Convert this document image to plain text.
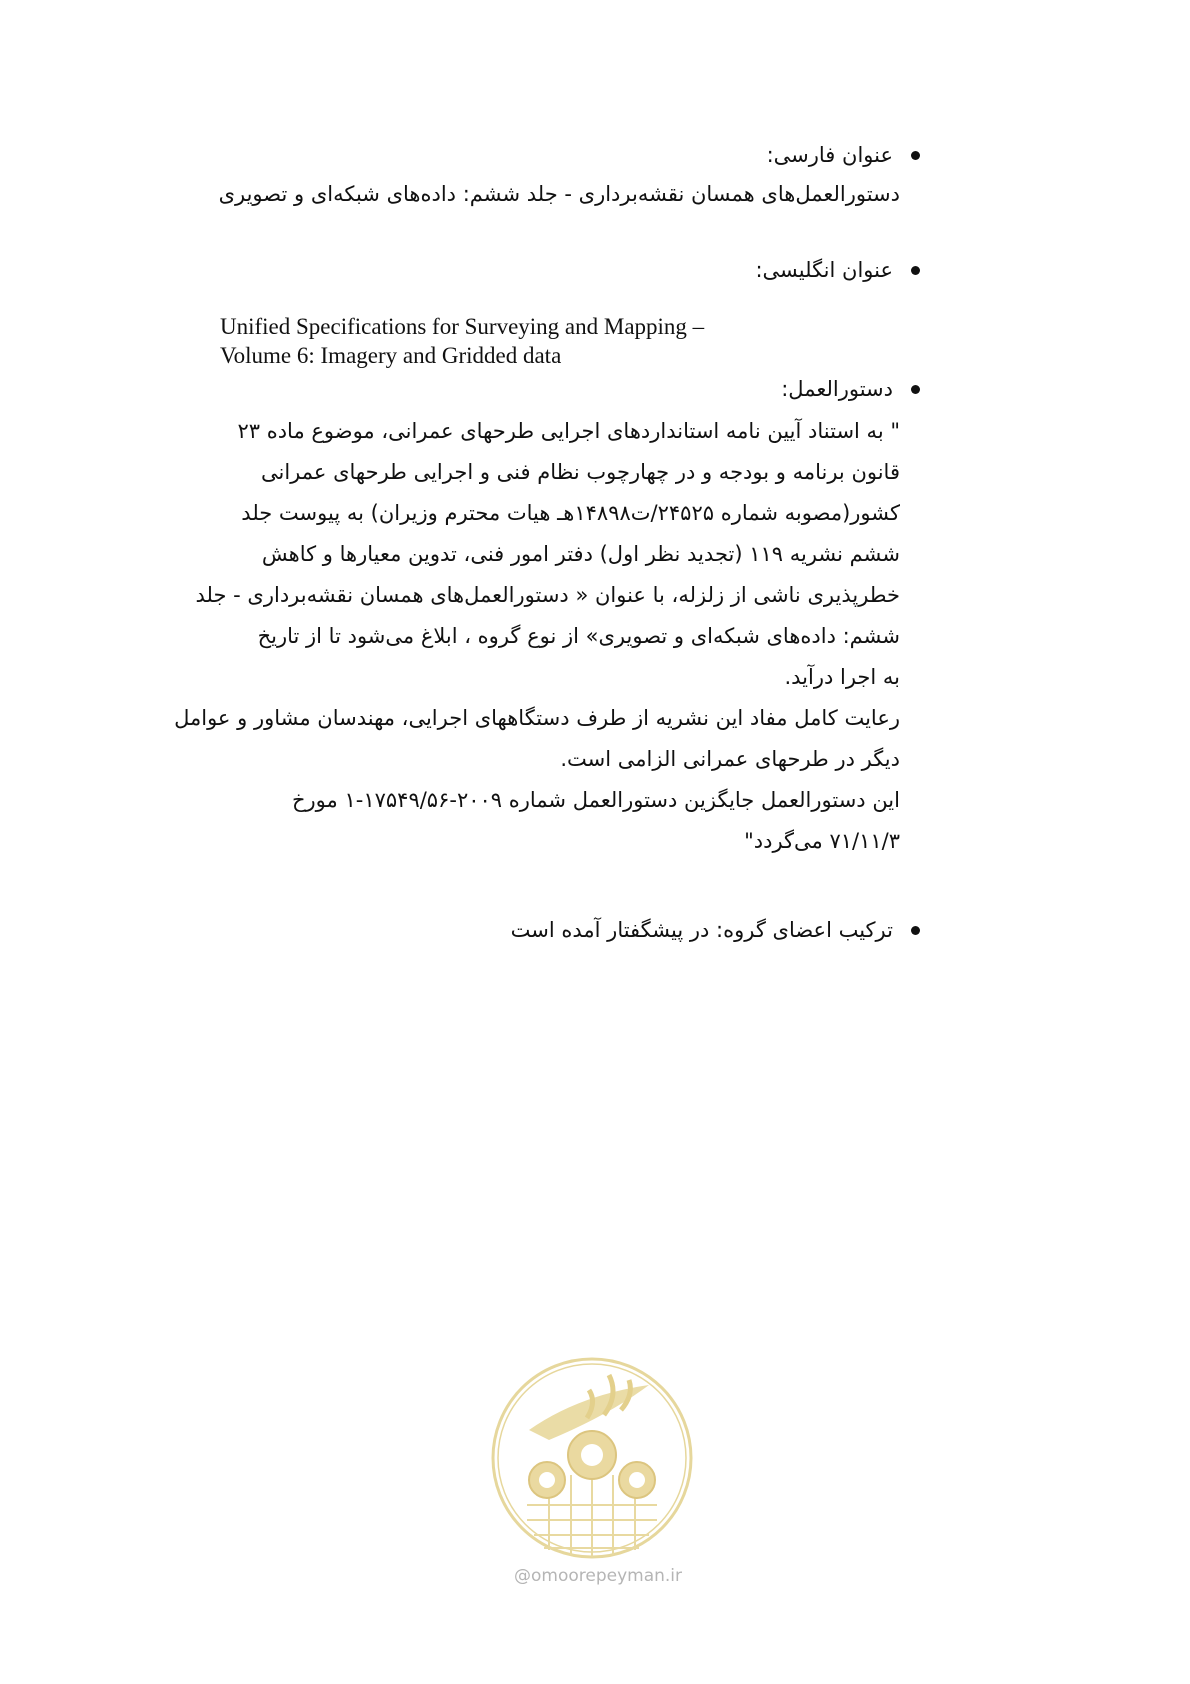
عنوان فارسی:
دستورالعمل‌های همسان نقشه‌برداری - جلد ششم: داده‌های شبکه‌ای و تصویری
عنوان انگلیسی:
Unified Specifications for Surveying and Mapping –
Volume 6: Imagery and Gridded data
دستورالعمل:

" به استناد آیین نامه استانداردهای اجرایی طرحهای عمرانی، موضوع ماده ۲۳

قانون برنامه و بودجه و در چهارچوب نظام فنی و اجرایی طرحهای عمرانی

کشور(مصوبه شماره ۲۴۵۲۵/ت۱۴۸۹۸هـ هیات محترم وزیران) به پیوست جلد

ششم نشریه ۱۱۹ (تجدید نظر اول) دفتر امور فنی، تدوین معیارها و کاهش

خطرپذیری ناشی از زلزله، با عنوان « دستورالعمل‌های همسان نقشه‌برداری - جلد

ششم: داده‌های شبکه‌ای و تصویری» از نوع گروه ، ابلاغ می‌شود تا از تاریخ

به اجرا درآید.

رعایت کامل مفاد این نشریه از طرف دستگاههای اجرایی، مهندسان مشاور و عوامل

دیگر در طرحهای عمرانی الزامی است.

این دستورالعمل جایگزین دستورالعمل شماره ۲۰۰۹-۱۷۵۴۹/۵۶-۱ مورخ

۷۱/۱۱/۳ می‌گردد"

ترکیب اعضای گروه: در پیشگفتار آمده است
@omoorepeyman.ir
